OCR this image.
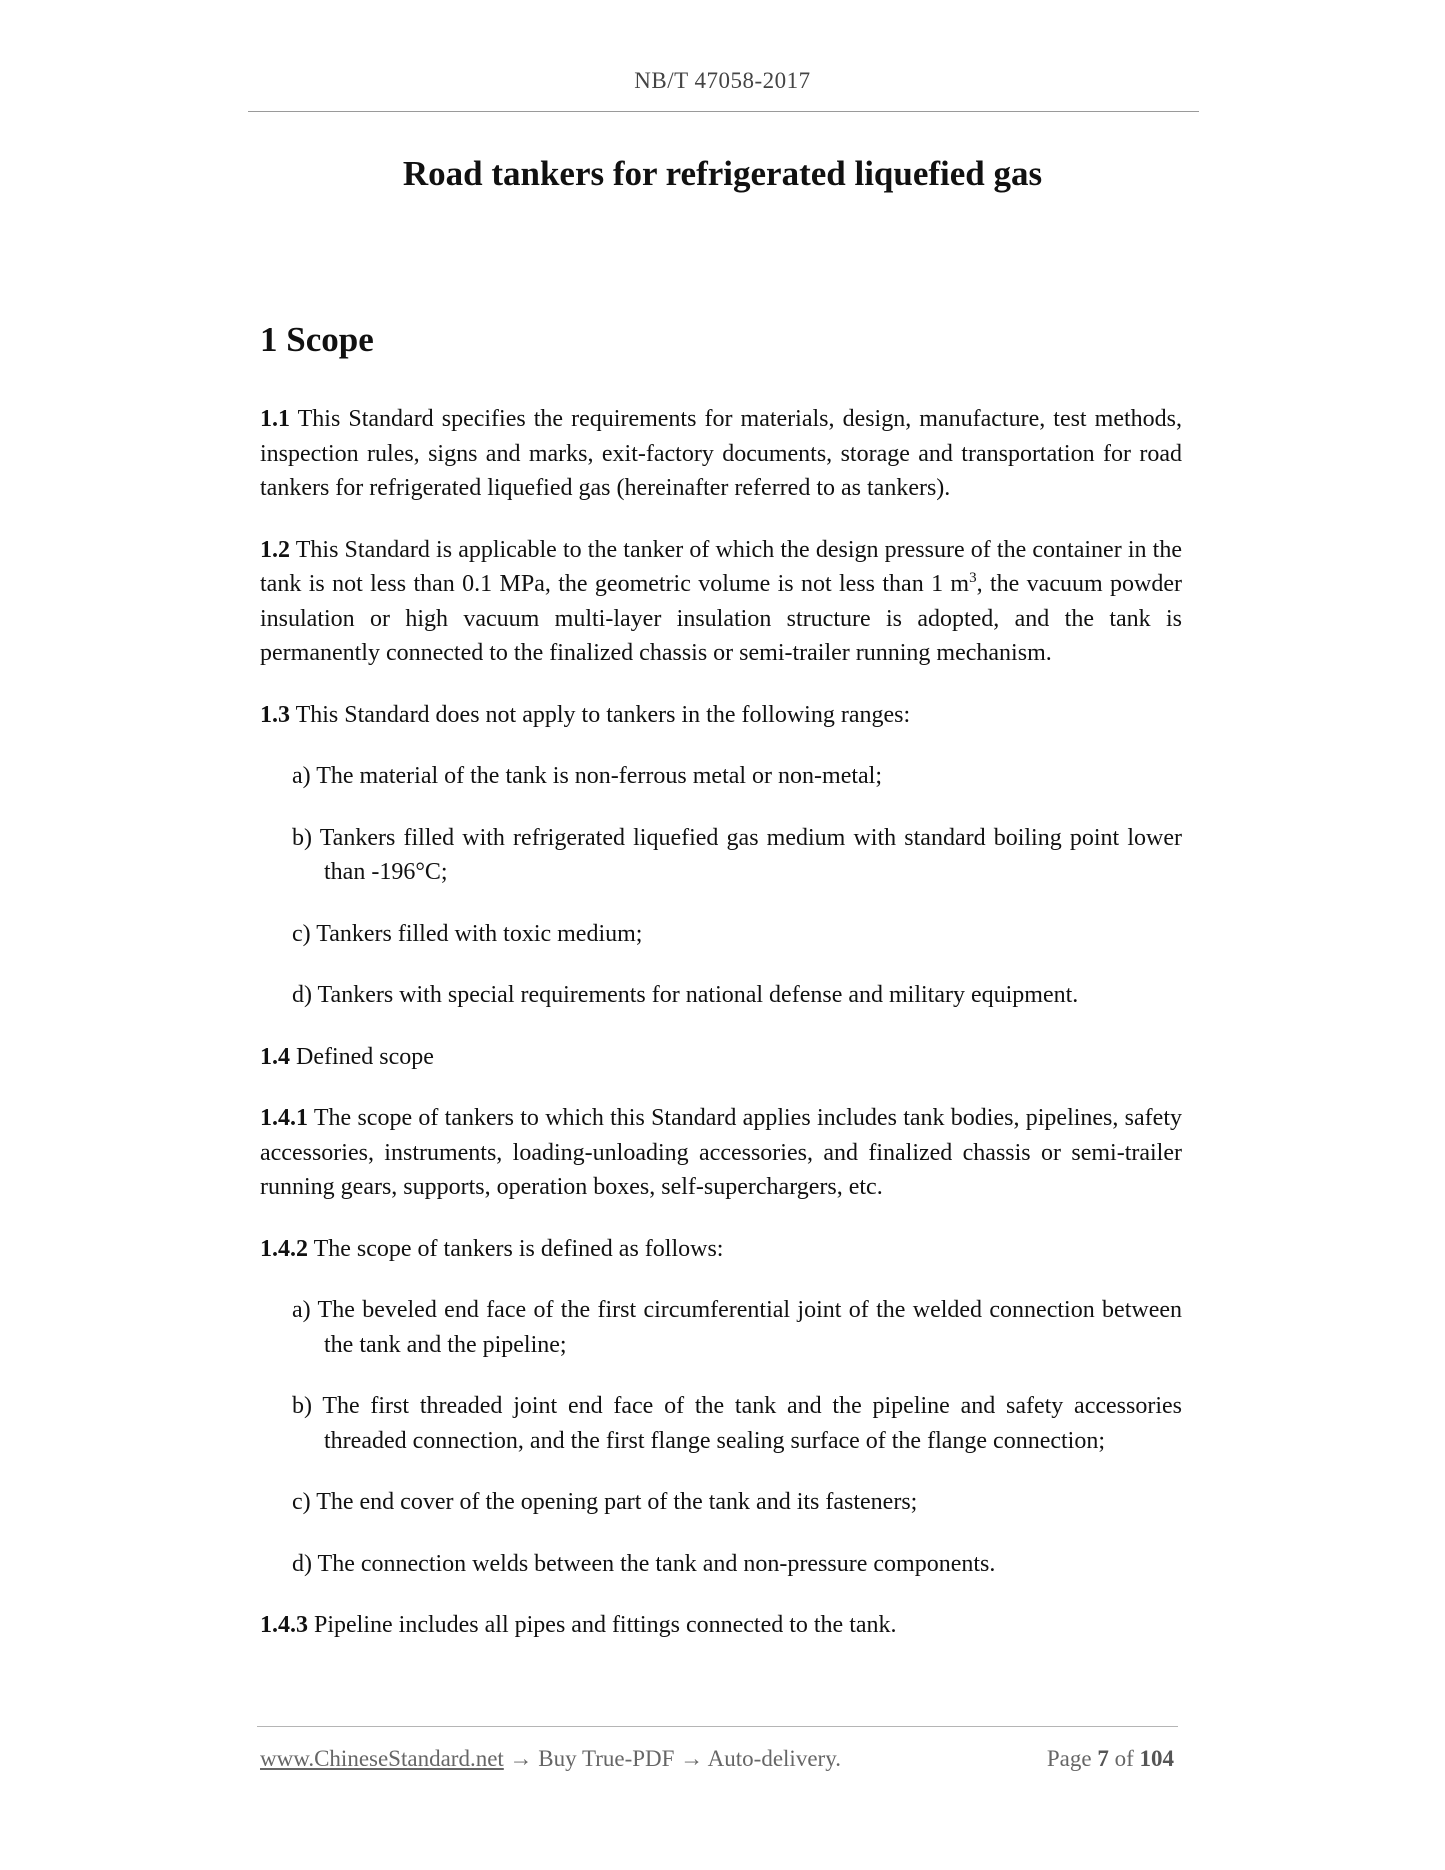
NB/T 47058-2017
Road tankers for refrigerated liquefied gas
1 Scope

1.1 This Standard specifies the requirements for materials, design, manufacture, test methods, inspection rules, signs and marks, exit-factory documents, storage and transportation for road tankers for refrigerated liquefied gas (hereinafter referred to as tankers).

1.2 This Standard is applicable to the tanker of which the design pressure of the container in the tank is not less than 0.1 MPa, the geometric volume is not less than 1 $m^3$, the vacuum powder insulation or high vacuum multi-layer insulation structure is adopted, and the tank is permanently connected to the finalized chassis or semi-trailer running mechanism.

1.3 This Standard does not apply to tankers in the following ranges:

a) The material of the tank is non-ferrous metal or non-metal;

b) Tankers filled with refrigerated liquefied gas medium with standard boiling point lower than -196°C;

c) Tankers filled with toxic medium;

d) Tankers with special requirements for national defense and military equipment.

1.4 Defined scope

1.4.1 The scope of tankers to which this Standard applies includes tank bodies, pipelines, safety accessories, instruments, loading-unloading accessories, and finalized chassis or semi-trailer running gears, supports, operation boxes, self-superchargers, etc.

1.4.2 The scope of tankers is defined as follows:

a) The beveled end face of the first circumferential joint of the welded connection between the tank and the pipeline;

b) The first threaded joint end face of the tank and the pipeline and safety accessories threaded connection, and the first flange sealing surface of the flange connection;

c) The end cover of the opening part of the tank and its fasteners;

d) The connection welds between the tank and non-pressure components.

1.4.3 Pipeline includes all pipes and fittings connected to the tank.

www.ChineseStandard.net → Buy True-PDF → Auto-delivery.	Page 7 of 104
